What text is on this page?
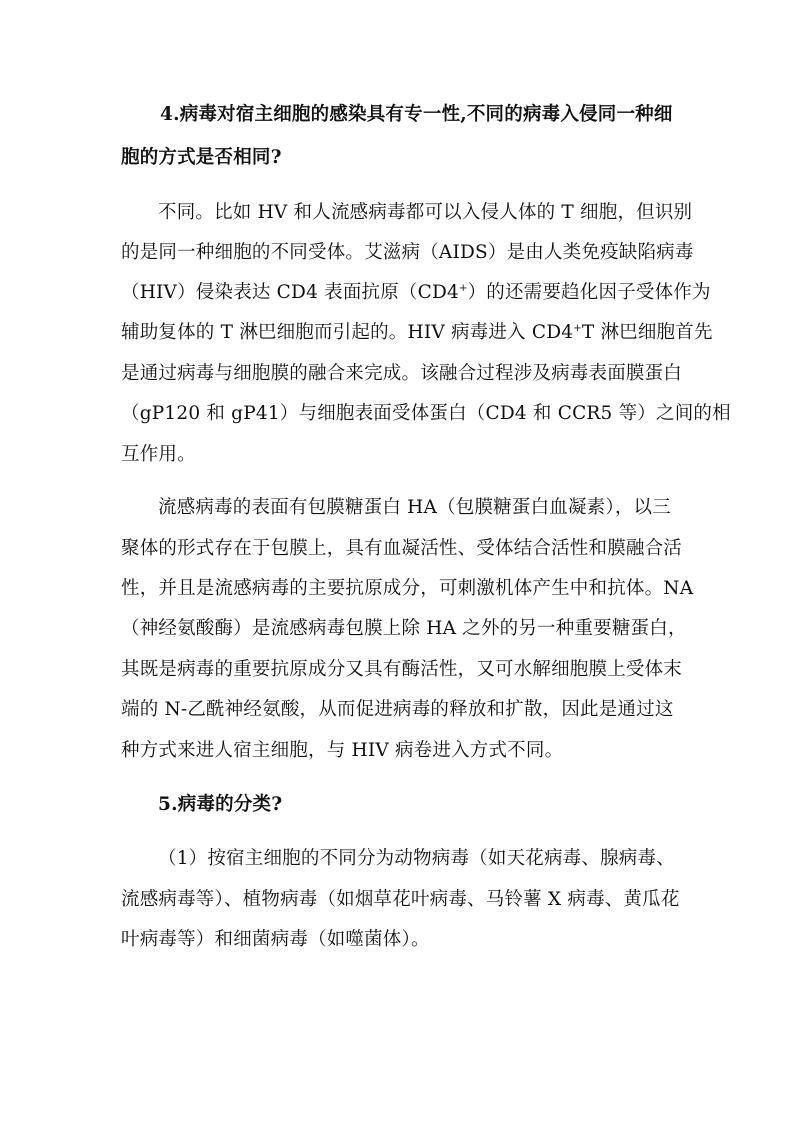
4.病毒对宿主细胞的感染具有专一性,不同的病毒入侵同一种细
胞的方式是否相同?
不同。比如 HV 和人流感病毒都可以入侵人体的 T 细胞，但识别
的是同一种细胞的不同受体。艾滋病（AIDS）是由人类免疫缺陷病毒
（HIV）侵染表达 CD4 表面抗原（CD4+）的还需要趋化因子受体作为
辅助复体的 T 淋巴细胞而引起的。HIV 病毒进入 CD4+T 淋巴细胞首先
是通过病毒与细胞膜的融合来完成。该融合过程涉及病毒表面膜蛋白
（gP120 和 gP41）与细胞表面受体蛋白（CD4 和 CCR5 等）之间的相
互作用。
流感病毒的表面有包膜糖蛋白 HA（包膜糖蛋白血凝素），以三
聚体的形式存在于包膜上，具有血凝活性、受体结合活性和膜融合活
性，并且是流感病毒的主要抗原成分，可刺激机体产生中和抗体。NA
（神经氨酸酶）是流感病毒包膜上除 HA 之外的另一种重要糖蛋白，
其既是病毒的重要抗原成分又具有酶活性，又可水解细胞膜上受体末
端的 N-乙酰神经氨酸，从而促进病毒的释放和扩散，因此是通过这
种方式来进人宿主细胞，与 HIV 病卷进入方式不同。
5.病毒的分类?
（1）按宿主细胞的不同分为动物病毒（如天花病毒、腺病毒、
流感病毒等）、植物病毒（如烟草花叶病毒、马铃薯 X 病毒、黄瓜花
叶病毒等）和细菌病毒（如噬菌体）。
